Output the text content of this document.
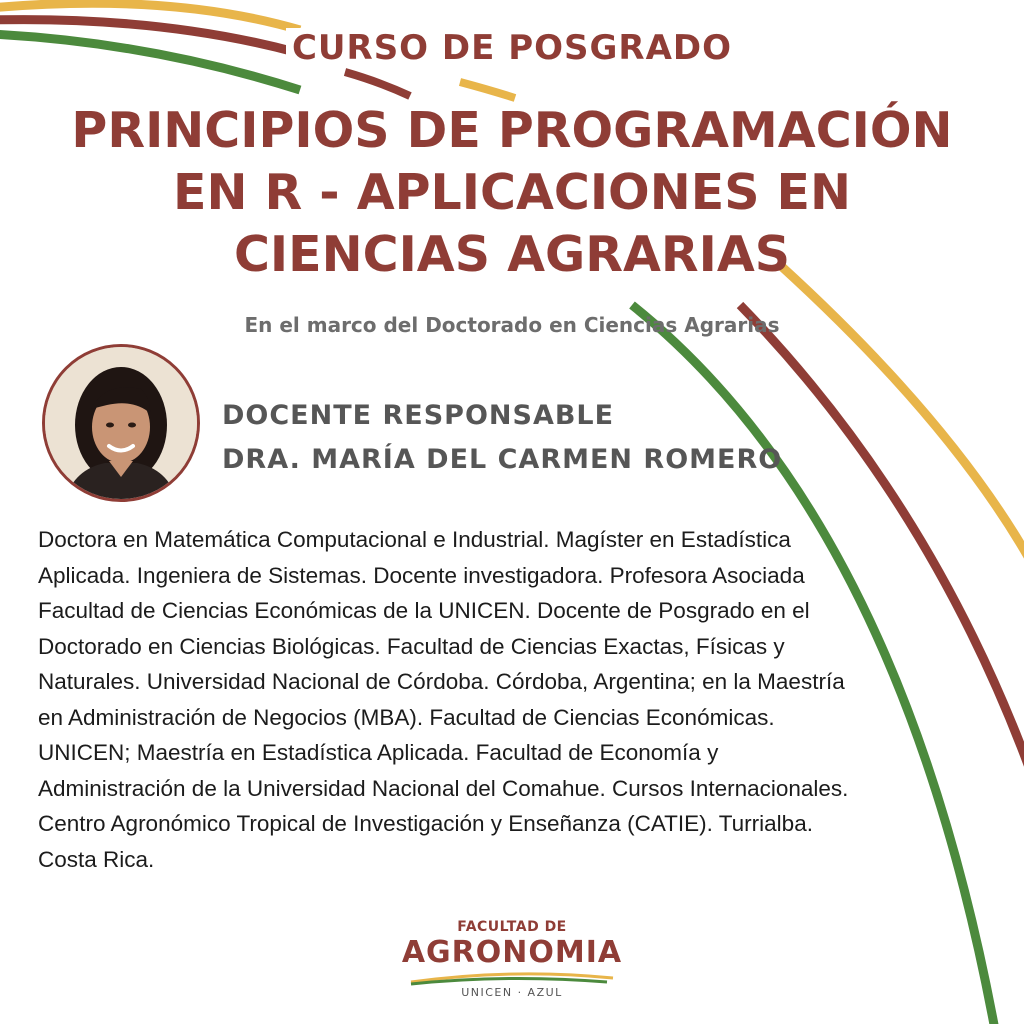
CURSO DE POSGRADO
PRINCIPIOS DE PROGRAMACIÓN
EN R - APLICACIONES EN
CIENCIAS AGRARIAS
En el marco del Doctorado en Ciencias Agrarias
DOCENTE RESPONSABLE
DRA. MARÍA DEL CARMEN ROMERO

Doctora en Matemática Computacional e Industrial. Magíster en Estadística Aplicada. Ingeniera de Sistemas. Docente investigadora. Profesora Asociada Facultad de Ciencias Económicas de la UNICEN. Docente de Posgrado en el Doctorado en Ciencias Biológicas. Facultad de Ciencias Exactas, Físicas y Naturales. Universidad Nacional de Córdoba. Córdoba, Argentina; en la Maestría en Administración de Negocios (MBA). Facultad de Ciencias Económicas. UNICEN; Maestría en Estadística Aplicada. Facultad de Economía y Administración de la Universidad Nacional del Comahue. Cursos Internacionales. Centro Agronómico Tropical de Investigación y Enseñanza (CATIE). Turrialba. Costa Rica.

FACULTAD DE
AGRONOMIA
UNICEN · AZUL
